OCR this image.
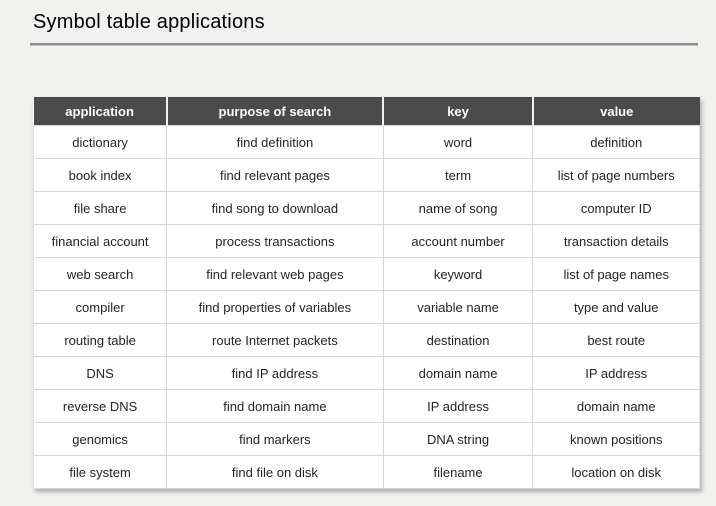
Symbol table applications
application	purpose of search	key	value
dictionary	find definition	word	definition
book index	find relevant pages	term	list of page numbers
file share	find song to download	name of song	computer ID
financial account	process transactions	account number	transaction details
web search	find relevant web pages	keyword	list of page names
compiler	find properties of variables	variable name	type and value
routing table	route Internet packets	destination	best route
DNS	find IP address	domain name	IP address
reverse DNS	find domain name	IP address	domain name
genomics	find markers	DNA string	known positions
file system	find file on disk	filename	location on disk
